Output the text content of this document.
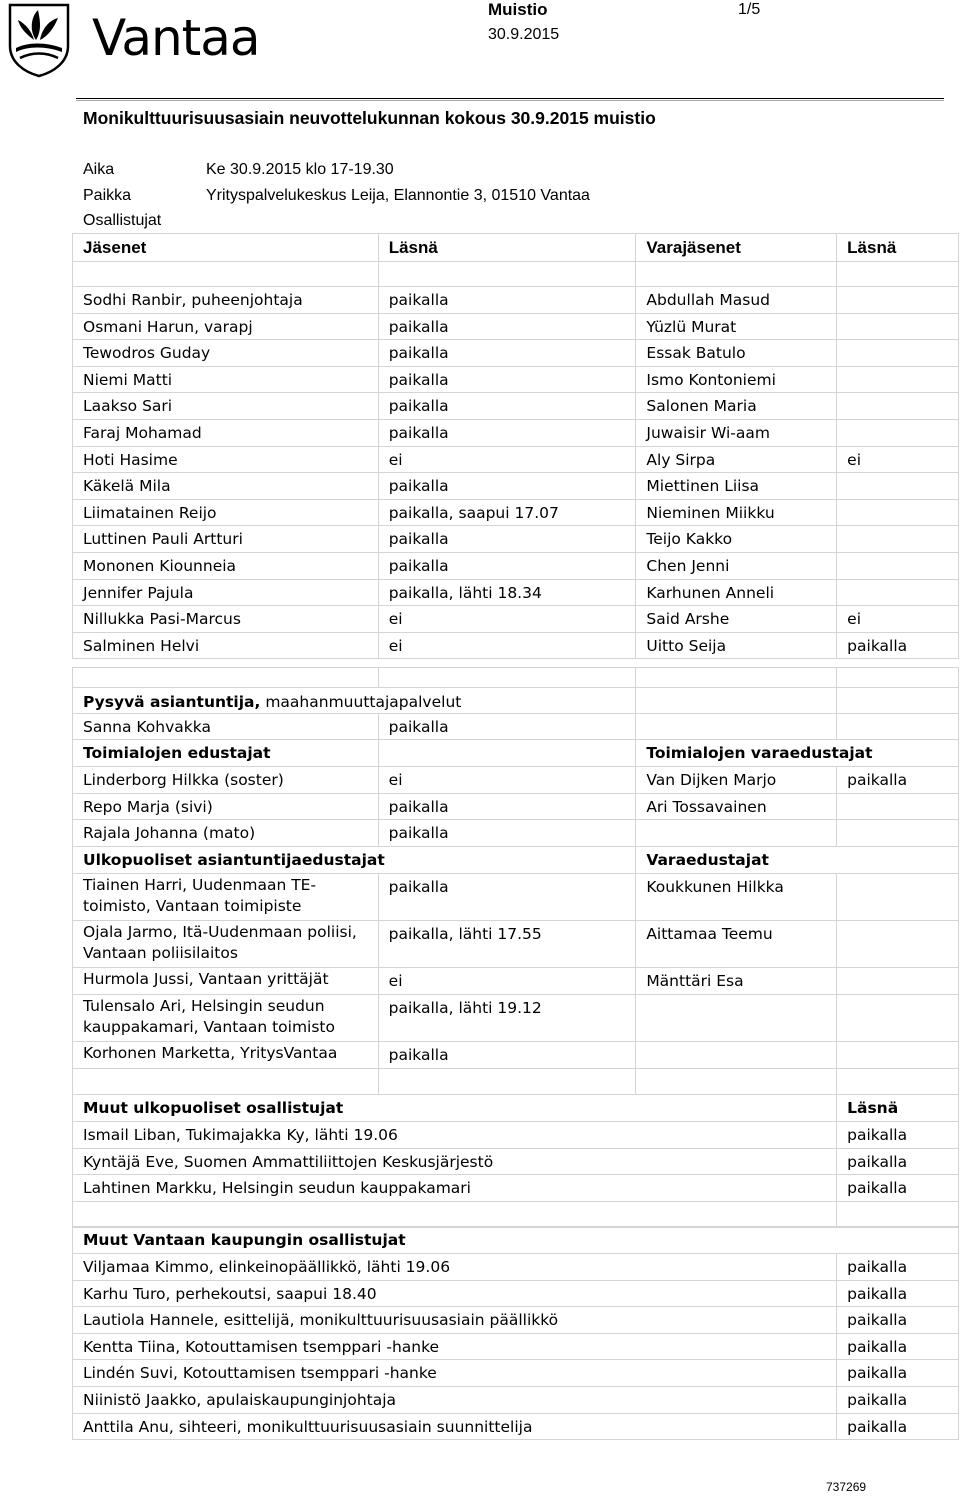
Vantaa	Muistio
30.9.2015
1/5
Monikulttuurisuusasiain neuvottelukunnan kokous 30.9.2015 muistio
Aika	Ke 30.9.2015 klo 17-19.30
Paikka	Yrityspalvelukeskus Leija, Elannontie 3, 01510 Vantaa
Osallistujat
Jäsenet	Läsnä	Varajäsenet	Läsnä

Sodhi Ranbir, puheenjohtaja	paikalla	Abdullah Masud	
Osmani Harun, varapj	paikalla	Yüzlü Murat	
Tewodros Guday	paikalla	Essak Batulo	
Niemi Matti	paikalla	Ismo Kontoniemi	
Laakso Sari	paikalla	Salonen Maria	
Faraj Mohamad	paikalla	Juwaisir Wi-aam	
Hoti Hasime	ei	Aly Sirpa	ei
Käkelä Mila	paikalla	Miettinen Liisa	
Liimatainen Reijo	paikalla, saapui 17.07	Nieminen Miikku	
Luttinen Pauli Artturi	paikalla	Teijo Kakko	
Mononen Kiounneia	paikalla	Chen Jenni	
Jennifer Pajula	paikalla, lähti 18.34	Karhunen Anneli	
Nillukka Pasi-Marcus	ei	Said Arshe	ei
Salminen Helvi	ei	Uitto Seija	paikalla

Pysyvä asiantuntija, maahanmuuttajapalvelut			
Sanna Kohvakka	paikalla		
Toimialojen edustajat		Toimialojen varaedustajat	
Linderborg Hilkka (soster)	ei	Van Dijken Marjo	paikalla
Repo Marja (sivi)	paikalla	Ari Tossavainen	
Rajala Johanna (mato)	paikalla		
Ulkopuoliset asiantuntijaedustajat		Varaedustajat	
Tiainen Harri, Uudenmaan TE-toimisto, Vantaan toimipiste	paikalla	Koukkunen Hilkka	
Ojala Jarmo, Itä-Uudenmaan poliisi, Vantaan poliisilaitos	paikalla, lähti 17.55	Aittamaa Teemu	
Hurmola Jussi, Vantaan yrittäjät	ei	Mänttäri Esa	
Tulensalo Ari, Helsingin seudun kauppakamari, Vantaan toimisto	paikalla, lähti 19.12		
Korhonen Marketta, YritysVantaa	paikalla		

Muut ulkopuoliset osallistujat	Läsnä
Ismail Liban, Tukimajakka Ky, lähti 19.06	paikalla
Kyntäjä Eve, Suomen Ammattiliittojen Keskusjärjestö	paikalla
Lahtinen Markku, Helsingin seudun kauppakamari	paikalla

Muut Vantaan kaupungin osallistujat	
Viljamaa Kimmo, elinkeinopäällikkö, lähti 19.06	paikalla
Karhu Turo, perhekoutsi, saapui 18.40	paikalla
Lautiola Hannele, esittelijä, monikulttuurisuusasiain päällikkö	paikalla
Kentta Tiina, Kotouttamisen tsemppari -hanke	paikalla
Lindén Suvi, Kotouttamisen tsemppari -hanke	paikalla
Niinistö Jaakko, apulaiskaupunginjohtaja	paikalla
Anttila Anu, sihteeri, monikulttuurisuusasiain suunnittelija	paikalla
737269
